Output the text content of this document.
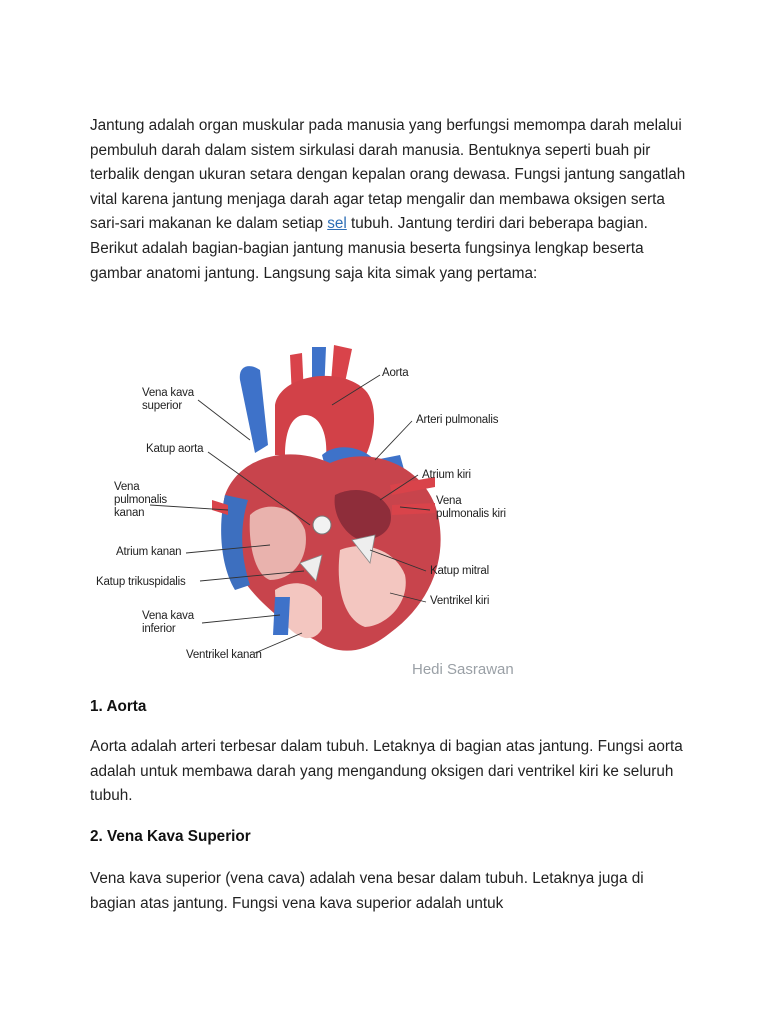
Jantung adalah organ muskular pada manusia yang berfungsi memompa darah melalui pembuluh darah dalam sistem sirkulasi darah manusia. Bentuknya seperti buah pir terbalik dengan ukuran setara dengan kepalan orang dewasa. Fungsi jantung sangatlah vital karena jantung menjaga darah agar tetap mengalir dan membawa oksigen serta sari-sari makanan ke dalam setiap sel tubuh. Jantung terdiri dari beberapa bagian. Berikut adalah bagian-bagian jantung manusia beserta fungsinya lengkap beserta gambar anatomi jantung. Langsung saja kita simak yang pertama:

Vena kava
superior
Aorta
Arteri pulmonalis
Katup aorta
Atrium kiri
Vena
pulmonalis
kanan
Vena
pulmonalis kiri
Atrium kanan
Katup trikuspidalis
Katup mitral
Ventrikel kiri
Vena kava
inferior
Ventrikel kanan
Hedi Sasrawan
1. Aorta

Aorta adalah arteri terbesar dalam tubuh. Letaknya di bagian atas jantung. Fungsi aorta adalah untuk membawa darah yang mengandung oksigen dari ventrikel kiri ke seluruh tubuh.

2. Vena Kava Superior

Vena kava superior (vena cava) adalah vena besar dalam tubuh. Letaknya juga di bagian atas jantung. Fungsi vena kava superior adalah untuk
